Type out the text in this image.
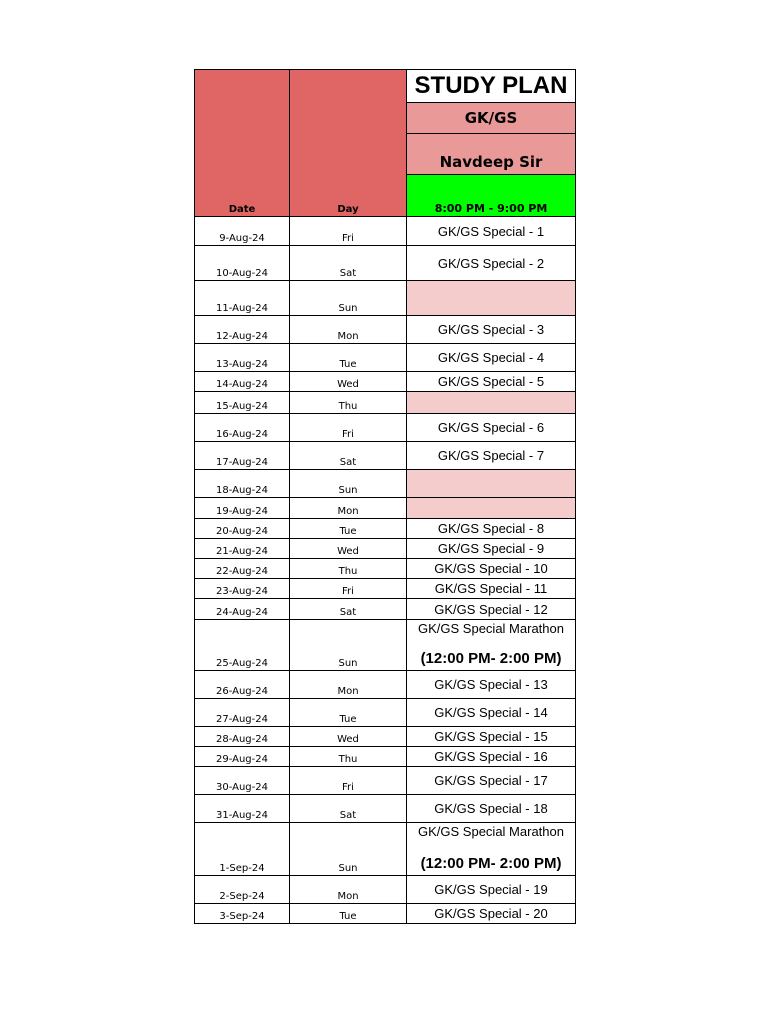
Date	Day	STUDY PLAN
		GK/GS
		Navdeep Sir
		8:00 PM - 9:00 PM
9-Aug-24	Fri	GK/GS Special - 1
10-Aug-24	Sat	GK/GS Special - 2
11-Aug-24	Sun	
12-Aug-24	Mon	GK/GS Special - 3
13-Aug-24	Tue	GK/GS Special - 4
14-Aug-24	Wed	GK/GS Special - 5
15-Aug-24	Thu	
16-Aug-24	Fri	GK/GS Special - 6
17-Aug-24	Sat	GK/GS Special - 7
18-Aug-24	Sun	
19-Aug-24	Mon	
20-Aug-24	Tue	GK/GS Special - 8
21-Aug-24	Wed	GK/GS Special - 9
22-Aug-24	Thu	GK/GS Special - 10
23-Aug-24	Fri	GK/GS Special - 11
24-Aug-24	Sat	GK/GS Special - 12
25-Aug-24	Sun	GK/GS Special Marathon
(12:00 PM- 2:00 PM)

26-Aug-24	Mon	GK/GS Special - 13
27-Aug-24	Tue	GK/GS Special - 14
28-Aug-24	Wed	GK/GS Special - 15
29-Aug-24	Thu	GK/GS Special - 16
30-Aug-24	Fri	GK/GS Special - 17
31-Aug-24	Sat	GK/GS Special - 18
1-Sep-24	Sun	GK/GS Special Marathon
(12:00 PM- 2:00 PM)

2-Sep-24	Mon	GK/GS Special - 19
3-Sep-24	Tue	GK/GS Special - 20
